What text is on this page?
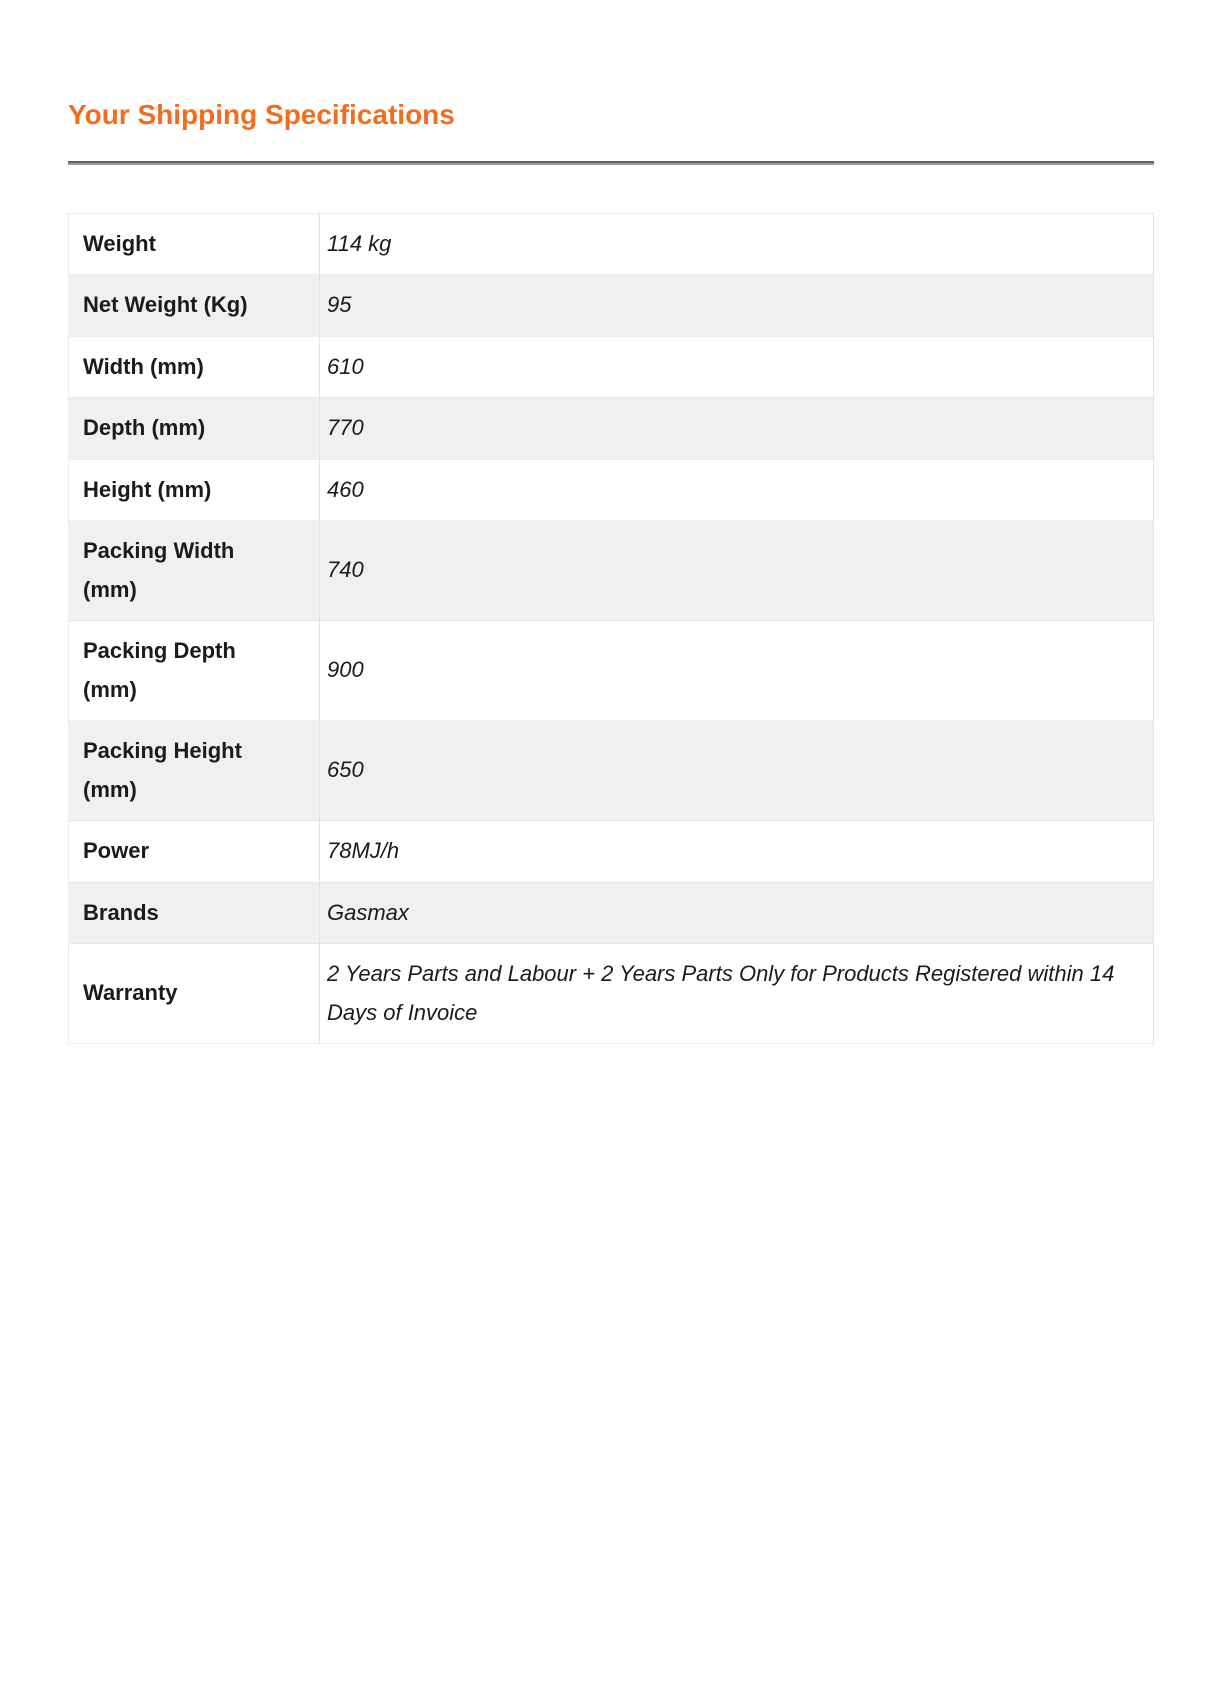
Your Shipping Specifications
Weight	114 kg
Net Weight (Kg)	95
Width (mm)	610
Depth (mm)	770
Height (mm)	460
Packing Width (mm)	740
Packing Depth (mm)	900
Packing Height (mm)	650
Power	78MJ/h
Brands	Gasmax
Warranty	2 Years Parts and Labour + 2 Years Parts Only for Products Registered within 14 Days of Invoice
